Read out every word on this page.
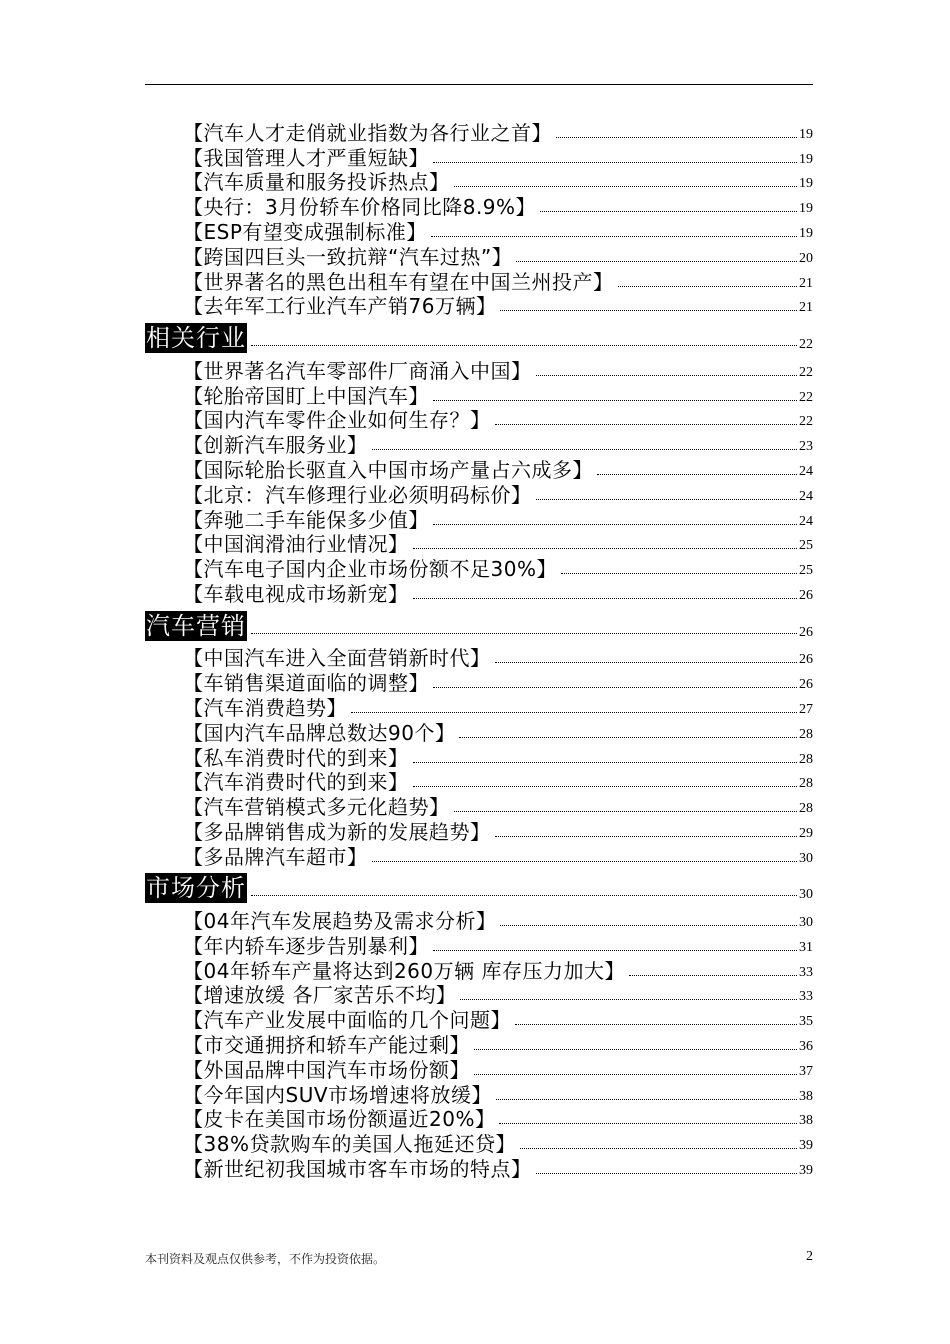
【汽车人才走俏就业指数为各行业之首】	19
【我国管理人才严重短缺】	19
【汽车质量和服务投诉热点】	19
【央行：3月份轿车价格同比降8.9%】	19
【ESP有望变成强制标准】	19
【跨国四巨头一致抗辩“汽车过热”】	20
【世界著名的黑色出租车有望在中国兰州投产】	21
【去年军工行业汽车产销76万辆】	21
相关行业	22
【世界著名汽车零部件厂商涌入中国】	22
【轮胎帝国盯上中国汽车】	22
【国内汽车零件企业如何生存？】	22
【创新汽车服务业】	23
【国际轮胎长驱直入中国市场产量占六成多】	24
【北京：汽车修理行业必须明码标价】	24
【奔驰二手车能保多少值】	24
【中国润滑油行业情况】	25
【汽车电子国内企业市场份额不足30%】	25
【车载电视成市场新宠】	26
汽车营销	26
【中国汽车进入全面营销新时代】	26
【车销售渠道面临的调整】	26
【汽车消费趋势】	27
【国内汽车品牌总数达90个】	28
【私车消费时代的到来】	28
【汽车消费时代的到来】	28
【汽车营销模式多元化趋势】	28
【多品牌销售成为新的发展趋势】	29
【多品牌汽车超市】	30
市场分析	30
【04年汽车发展趋势及需求分析】	30
【年内轿车逐步告别暴利】	31
【04年轿车产量将达到260万辆 库存压力加大】	33
【增速放缓 各厂家苦乐不均】	33
【汽车产业发展中面临的几个问题】	35
【市交通拥挤和轿车产能过剩】	36
【外国品牌中国汽车市场份额】	37
【今年国内SUV市场增速将放缓】	38
【皮卡在美国市场份额逼近20%】	38
【38%贷款购车的美国人拖延还贷】	39
【新世纪初我国城市客车市场的特点】	39
本刊资料及观点仅供参考，不作为投资依据。	2
